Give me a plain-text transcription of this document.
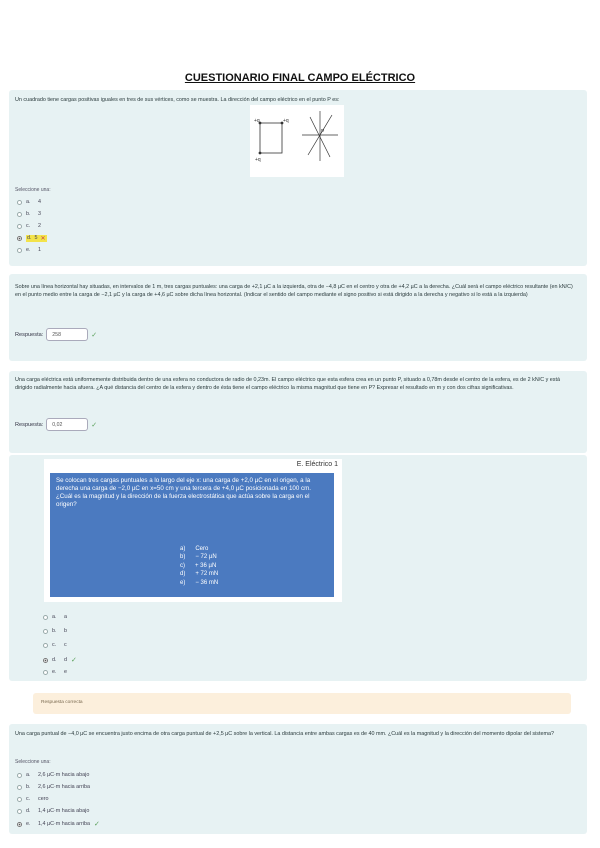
CUESTIONARIO FINAL CAMPO ELÉCTRICO
Un cuadrado tiene cargas positivas iguales en tres de sus vértices, como se muestra. La dirección del campo eléctrico en el punto P es:
Seleccione una:
a.	4
b.	3
c.	2
d. 5 ✕
e.	1
+q	+q
+q
P
Sobre una línea horizontal hay situadas, en intervalos de 1 m, tres cargas puntuales: una carga de +2,1 µC a la izquierda, otra de −4,8 µC en el centro y otra de +4,2 µC a la derecha. ¿Cuál será el campo eléctrico resultante (en kN/C) en el punto medio entre la carga de −2,1 µC y la carga de +4,6 µC sobre dicha línea horizontal. (Indicar el sentido del campo mediante el signo positivo si está dirigido a la derecha y negativo si lo está a la izquierda)
Respuesta:
258	✓
Una carga eléctrica está uniformemente distribuida dentro de una esfera no conductora de radio de 0,23m. El campo eléctrico que esta esfera crea en un punto P, situado a 0,78m desde el centro de la esfera, es de 2 kN/C y está dirigido radialmente hacia afuera. ¿A qué distancia del centro de la esfera y dentro de ésta tiene el campo eléctrico la misma magnitud que tiene en P? Expresar el resultado en m y con dos cifras significativas.
Respuesta:
0,02	✓
a.	a
b.	b
c.	c
d.	d ✓
e.	e
E. Eléctrico 1
Se colocan tres cargas puntuales a lo largo del eje x: una carga de +2,0 µC en el origen, a la derecha una carga de −2,0 µC en x=50 cm y una tercera de +4,0 µC posicionada en 100 cm. ¿Cuál es la magnitud y la dirección de la fuerza electrostática que actúa sobre la carga en el origen?
a) Cero
b) − 72 µN
c) + 36 µN
d) + 72 mN
e) − 36 mN
Respuesta correcta
Una carga puntual de −4,0 µC se encuentra justo encima de otra carga puntual de +2,5 µC sobre la vertical. La distancia entre ambas cargas es de 40 mm. ¿Cuál es la magnitud y la dirección del momento dipolar del sistema?
Seleccione una:
a.	2,6 µC·m hacia abajo
b.	2,6 µC·m hacia arriba
c.	cero
d.	1,4 µC·m hacia abajo
e.	1,4 µC·m hacia arriba ✓
